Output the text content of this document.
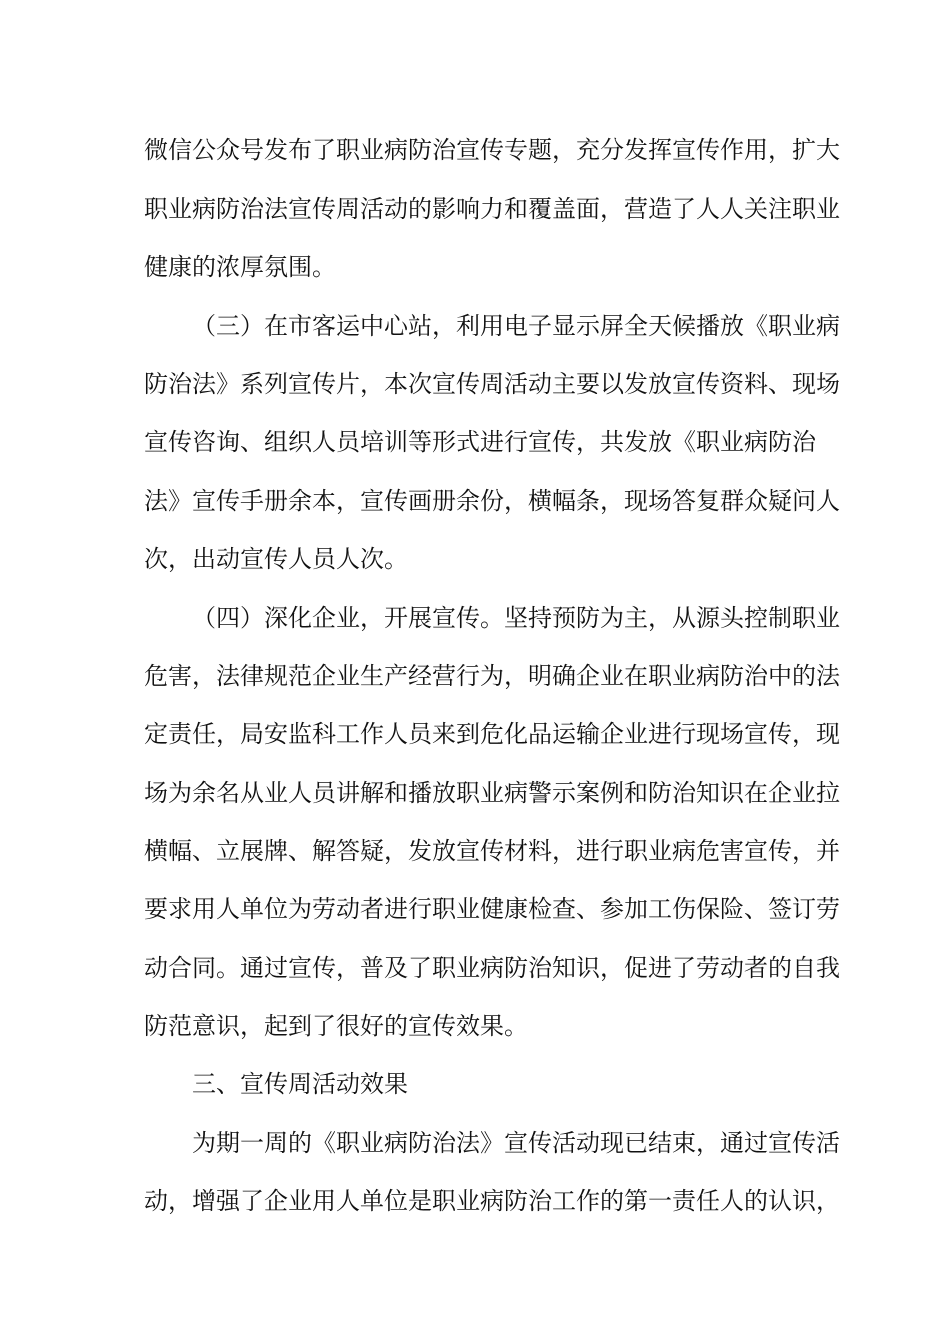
微信公众号发布了职业病防治宣传专题，充分发挥宣传作用，扩大
职业病防治法宣传周活动的影响力和覆盖面，营造了人人关注职业
健康的浓厚氛围。
（三）在市客运中心站，利用电子显示屏全天候播放《职业病
防治法》系列宣传片，本次宣传周活动主要以发放宣传资料、现场
宣传咨询、组织人员培训等形式进行宣传，共发放《职业病防治
法》宣传手册余本，宣传画册余份，横幅条，现场答复群众疑问人
次，出动宣传人员人次。
（四）深化企业，开展宣传。坚持预防为主，从源头控制职业
危害，法律规范企业生产经营行为，明确企业在职业病防治中的法
定责任，局安监科工作人员来到危化品运输企业进行现场宣传，现
场为余名从业人员讲解和播放职业病警示案例和防治知识在企业拉
横幅、立展牌、解答疑，发放宣传材料，进行职业病危害宣传，并
要求用人单位为劳动者进行职业健康检查、参加工伤保险、签订劳
动合同。通过宣传，普及了职业病防治知识，促进了劳动者的自我
防范意识，起到了很好的宣传效果。
三、宣传周活动效果
为期一周的《职业病防治法》宣传活动现已结束，通过宣传活
动，增强了企业用人单位是职业病防治工作的第一责任人的认识，
